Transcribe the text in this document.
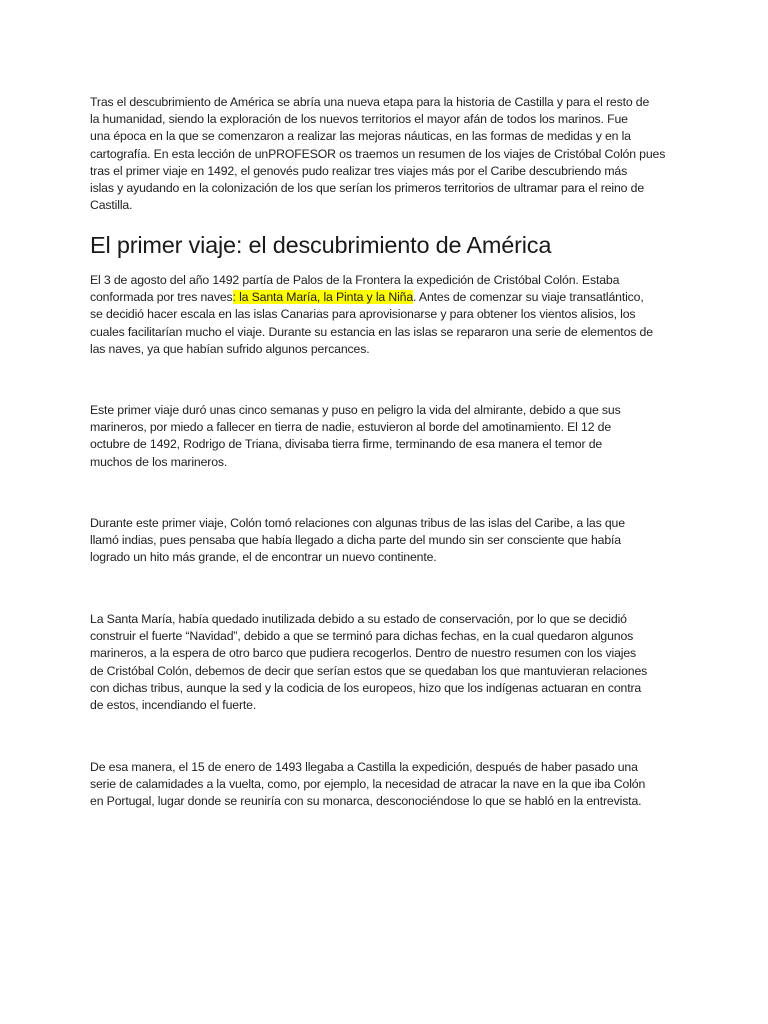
Tras el descubrimiento de América se abría una nueva etapa para la historia de Castilla y para el resto de
la humanidad, siendo la exploración de los nuevos territorios el mayor afán de todos los marinos. Fue
una época en la que se comenzaron a realizar las mejoras náuticas, en las formas de medidas y en la
cartografía. En esta lección de unPROFESOR os traemos un resumen de los viajes de Cristóbal Colón pues
tras el primer viaje en 1492, el genovés pudo realizar tres viajes más por el Caribe descubriendo más
islas y ayudando en la colonización de los que serían los primeros territorios de ultramar para el reino de
Castilla.
El primer viaje: el descubrimiento de América
El 3 de agosto del año 1492 partía de Palos de la Frontera la expedición de Cristóbal Colón. Estaba
conformada por tres naves: la Santa María, la Pinta y la Niña. Antes de comenzar su viaje transatlántico,
se decidió hacer escala en las islas Canarias para aprovisionarse y para obtener los vientos alisios, los
cuales facilitarían mucho el viaje. Durante su estancia en las islas se repararon una serie de elementos de
las naves, ya que habían sufrido algunos percances.
Este primer viaje duró unas cinco semanas y puso en peligro la vida del almirante, debido a que sus
marineros, por miedo a fallecer en tierra de nadie, estuvieron al borde del amotinamiento. El 12 de
octubre de 1492, Rodrigo de Triana, divisaba tierra firme, terminando de esa manera el temor de
muchos de los marineros.
Durante este primer viaje, Colón tomó relaciones con algunas tribus de las islas del Caribe, a las que
llamó indias, pues pensaba que había llegado a dicha parte del mundo sin ser consciente que había
logrado un hito más grande, el de encontrar un nuevo continente.
La Santa María, había quedado inutilizada debido a su estado de conservación, por lo que se decidió
construir el fuerte “Navidad”, debido a que se terminó para dichas fechas, en la cual quedaron algunos
marineros, a la espera de otro barco que pudiera recogerlos. Dentro de nuestro resumen con los viajes
de Cristóbal Colón, debemos de decir que serían estos que se quedaban los que mantuvieran relaciones
con dichas tribus, aunque la sed y la codicia de los europeos, hizo que los indígenas actuaran en contra
de estos, incendiando el fuerte.
De esa manera, el 15 de enero de 1493 llegaba a Castilla la expedición, después de haber pasado una
serie de calamidades a la vuelta, como, por ejemplo, la necesidad de atracar la nave en la que iba Colón
en Portugal, lugar donde se reuniría con su monarca, desconociéndose lo que se habló en la entrevista.
